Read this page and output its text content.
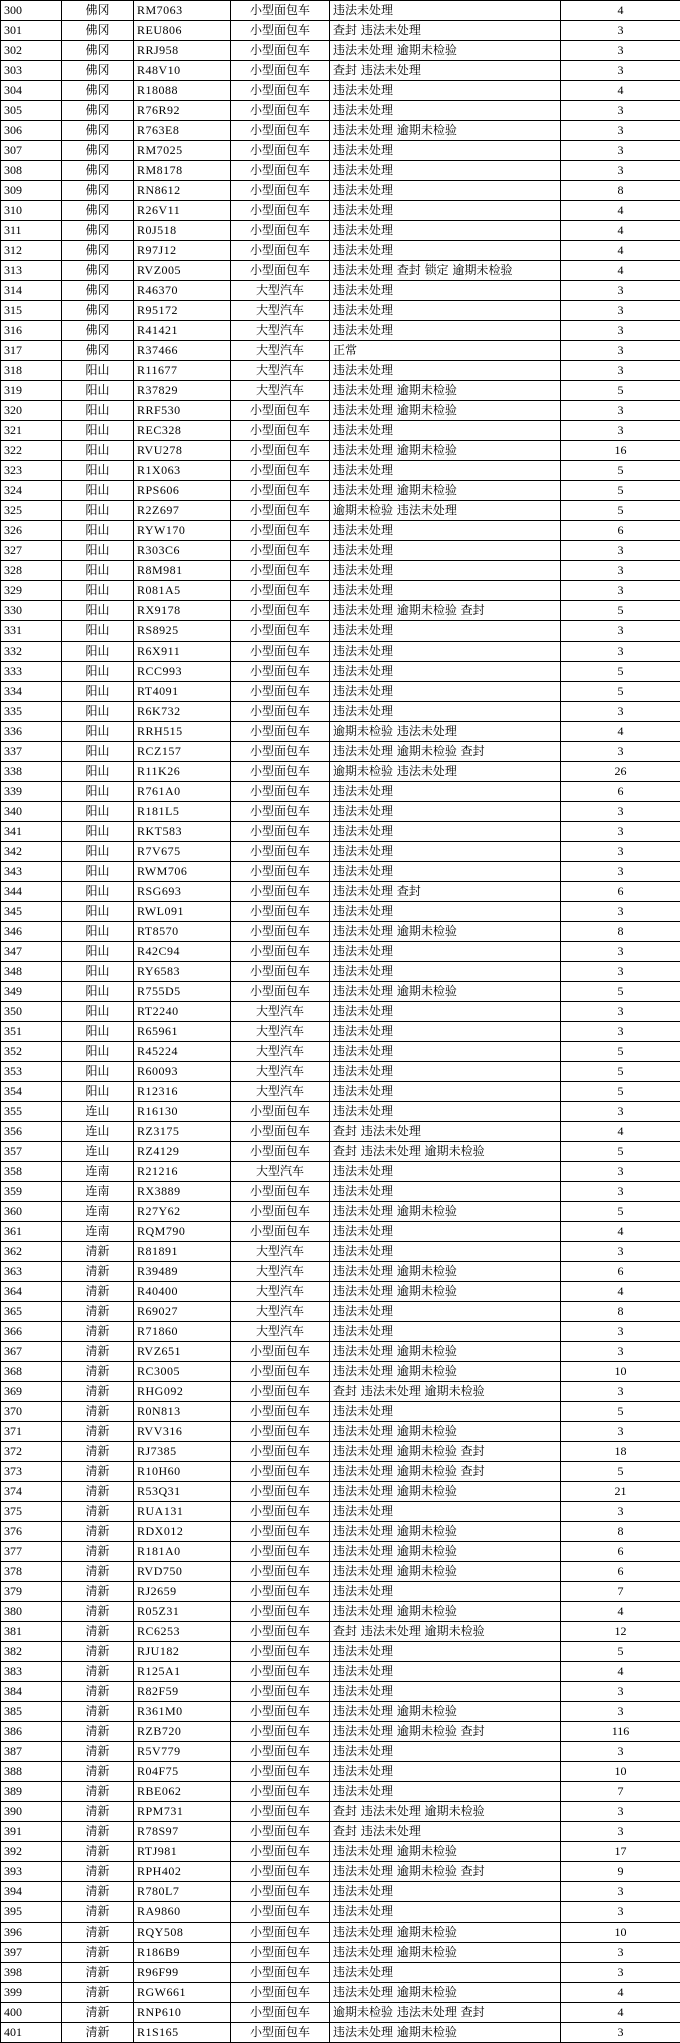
300	佛冈	RM7063	小型面包车	违法未处理	4
301	佛冈	REU806	小型面包车	查封 违法未处理	3
302	佛冈	RRJ958	小型面包车	违法未处理 逾期未检验	3
303	佛冈	R48V10	小型面包车	查封 违法未处理	3
304	佛冈	R18088	小型面包车	违法未处理	4
305	佛冈	R76R92	小型面包车	违法未处理	3
306	佛冈	R763E8	小型面包车	违法未处理 逾期未检验	3
307	佛冈	RM7025	小型面包车	违法未处理	3
308	佛冈	RM8178	小型面包车	违法未处理	3
309	佛冈	RN8612	小型面包车	违法未处理	8
310	佛冈	R26V11	小型面包车	违法未处理	4
311	佛冈	R0J518	小型面包车	违法未处理	4
312	佛冈	R97J12	小型面包车	违法未处理	4
313	佛冈	RVZ005	小型面包车	违法未处理 查封 锁定 逾期未检验	4
314	佛冈	R46370	大型汽车	违法未处理	3
315	佛冈	R95172	大型汽车	违法未处理	3
316	佛冈	R41421	大型汽车	违法未处理	3
317	佛冈	R37466	大型汽车	正常	3
318	阳山	R11677	大型汽车	违法未处理	3
319	阳山	R37829	大型汽车	违法未处理 逾期未检验	5
320	阳山	RRF530	小型面包车	违法未处理 逾期未检验	3
321	阳山	REC328	小型面包车	违法未处理	3
322	阳山	RVU278	小型面包车	违法未处理 逾期未检验	16
323	阳山	R1X063	小型面包车	违法未处理	5
324	阳山	RPS606	小型面包车	违法未处理 逾期未检验	5
325	阳山	R2Z697	小型面包车	逾期未检验 违法未处理	5
326	阳山	RYW170	小型面包车	违法未处理	6
327	阳山	R303C6	小型面包车	违法未处理	3
328	阳山	R8M981	小型面包车	违法未处理	3
329	阳山	R081A5	小型面包车	违法未处理	3
330	阳山	RX9178	小型面包车	违法未处理 逾期未检验 查封	5
331	阳山	RS8925	小型面包车	违法未处理	3
332	阳山	R6X911	小型面包车	违法未处理	3
333	阳山	RCC993	小型面包车	违法未处理	5
334	阳山	RT4091	小型面包车	违法未处理	5
335	阳山	R6K732	小型面包车	违法未处理	3
336	阳山	RRH515	小型面包车	逾期未检验 违法未处理	4
337	阳山	RCZ157	小型面包车	违法未处理 逾期未检验 查封	3
338	阳山	R11K26	小型面包车	逾期未检验 违法未处理	26
339	阳山	R761A0	小型面包车	违法未处理	6
340	阳山	R181L5	小型面包车	违法未处理	3
341	阳山	RKT583	小型面包车	违法未处理	3
342	阳山	R7V675	小型面包车	违法未处理	3
343	阳山	RWM706	小型面包车	违法未处理	3
344	阳山	RSG693	小型面包车	违法未处理 查封	6
345	阳山	RWL091	小型面包车	违法未处理	3
346	阳山	RT8570	小型面包车	违法未处理 逾期未检验	8
347	阳山	R42C94	小型面包车	违法未处理	3
348	阳山	RY6583	小型面包车	违法未处理	3
349	阳山	R755D5	小型面包车	违法未处理 逾期未检验	5
350	阳山	RT2240	大型汽车	违法未处理	3
351	阳山	R65961	大型汽车	违法未处理	3
352	阳山	R45224	大型汽车	违法未处理	5
353	阳山	R60093	大型汽车	违法未处理	5
354	阳山	R12316	大型汽车	违法未处理	5
355	连山	R16130	小型面包车	违法未处理	3
356	连山	RZ3175	小型面包车	查封 违法未处理	4
357	连山	RZ4129	小型面包车	查封 违法未处理 逾期未检验	5
358	连南	R21216	大型汽车	违法未处理	3
359	连南	RX3889	小型面包车	违法未处理	3
360	连南	R27Y62	小型面包车	违法未处理 逾期未检验	5
361	连南	RQM790	小型面包车	违法未处理	4
362	清新	R81891	大型汽车	违法未处理	3
363	清新	R39489	大型汽车	违法未处理 逾期未检验	6
364	清新	R40400	大型汽车	违法未处理 逾期未检验	4
365	清新	R69027	大型汽车	违法未处理	8
366	清新	R71860	大型汽车	违法未处理	3
367	清新	RVZ651	小型面包车	违法未处理 逾期未检验	3
368	清新	RC3005	小型面包车	违法未处理 逾期未检验	10
369	清新	RHG092	小型面包车	查封 违法未处理 逾期未检验	3
370	清新	R0N813	小型面包车	违法未处理	5
371	清新	RVV316	小型面包车	违法未处理 逾期未检验	3
372	清新	RJ7385	小型面包车	违法未处理 逾期未检验 查封	18
373	清新	R10H60	小型面包车	违法未处理 逾期未检验 查封	5
374	清新	R53Q31	小型面包车	违法未处理 逾期未检验	21
375	清新	RUA131	小型面包车	违法未处理	3
376	清新	RDX012	小型面包车	违法未处理 逾期未检验	8
377	清新	R181A0	小型面包车	违法未处理 逾期未检验	6
378	清新	RVD750	小型面包车	违法未处理 逾期未检验	6
379	清新	RJ2659	小型面包车	违法未处理	7
380	清新	R05Z31	小型面包车	违法未处理 逾期未检验	4
381	清新	RC6253	小型面包车	查封 违法未处理 逾期未检验	12
382	清新	RJU182	小型面包车	违法未处理	5
383	清新	R125A1	小型面包车	违法未处理	4
384	清新	R82F59	小型面包车	违法未处理	3
385	清新	R361M0	小型面包车	违法未处理 逾期未检验	3
386	清新	RZB720	小型面包车	违法未处理 逾期未检验 查封	116
387	清新	R5V779	小型面包车	违法未处理	3
388	清新	R04F75	小型面包车	违法未处理	10
389	清新	RBE062	小型面包车	违法未处理	7
390	清新	RPM731	小型面包车	查封 违法未处理 逾期未检验	3
391	清新	R78S97	小型面包车	查封 违法未处理	3
392	清新	RTJ981	小型面包车	违法未处理 逾期未检验	17
393	清新	RPH402	小型面包车	违法未处理 逾期未检验 查封	9
394	清新	R780L7	小型面包车	违法未处理	3
395	清新	RA9860	小型面包车	违法未处理	3
396	清新	RQY508	小型面包车	违法未处理 逾期未检验	10
397	清新	R186B9	小型面包车	违法未处理 逾期未检验	3
398	清新	R96F99	小型面包车	违法未处理	3
399	清新	RGW661	小型面包车	违法未处理 逾期未检验	4
400	清新	RNP610	小型面包车	逾期未检验 违法未处理 查封	4
401	清新	R1S165	小型面包车	违法未处理 逾期未检验	3
